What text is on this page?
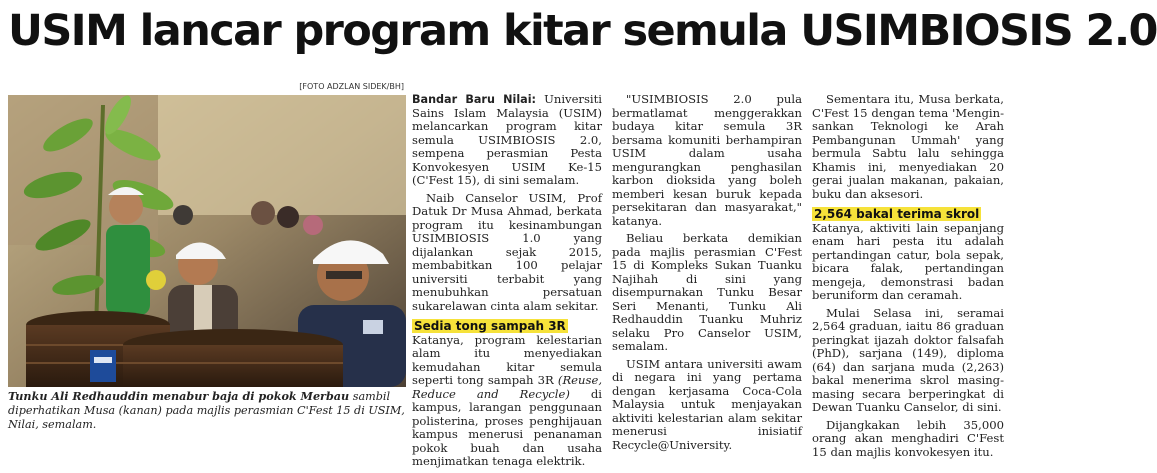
USIM lancar program kitar semula USIMBIOSIS 2.0
[FOTO ADZLAN SIDEK/BH]
Tunku Ali Redhauddin menabur baja di pokok Merbau sambil diperhatikan Musa (kanan) pada majlis perasmian C'Fest 15 di USIM, Nilai, semalam.

Bandar Baru Nilai: Universiti Sains Islam Malaysia (USIM) melancarkan program kitar semula USIMBIOSIS 2.0, sempena perasmian Pesta Konvokesyen USIM Ke-15 (C'Fest 15), di sini semalam.

Naib Canselor USIM, Prof Datuk Dr Musa Ahmad, berkata program itu kesinambungan USIMBIOSIS 1.0 yang dijalankan sejak 2015, membabitkan 100 pelajar universiti terbabit yang menubuhkan persatuan sukarelawan cinta alam sekitar.

Sedia tong sampah 3R

Katanya, program kelestarian alam itu menyediakan kemudahan kitar semula seperti tong sampah 3R (Reuse, Reduce and Recycle) di kampus, larangan penggunaan polisterina, proses penghijauan kampus menerusi penanaman pokok buah dan usaha menjimatkan tenaga elektrik.

"USIMBIOSIS 2.0 pula bermatlamat menggerakkan budaya kitar semula 3R bersama komuniti berhampiran USIM dalam usaha mengurangkan penghasilan karbon dioksida yang boleh memberi kesan buruk kepada persekitaran dan masyarakat," katanya.

Beliau berkata demikian pada majlis perasmian C'Fest 15 di Kompleks Sukan Tuanku Najihah di sini yang disempurnakan Tunku Besar Seri Menanti, Tunku Ali Redhauddin Tuanku Muhriz selaku Pro Canselor USIM, semalam.

USIM antara universiti awam di negara ini yang pertama dengan kerjasama Coca-Cola Malaysia untuk menjayakan aktiviti kelestarian alam sekitar menerusi inisiatif Recycle@University.

Sementara itu, Musa berkata, C'Fest 15 dengan tema 'Menginsankan Teknologi ke Arah Pembangunan Ummah' yang bermula Sabtu lalu sehingga Khamis ini, menyediakan 20 gerai jualan makanan, pakaian, buku dan aksesori.

2,564 bakal terima skrol

Katanya, aktiviti lain sepanjang enam hari pesta itu adalah pertandingan catur, bola sepak, bicara falak, pertandingan mengeja, demonstrasi badan beruniform dan ceramah.

Mulai Selasa ini, seramai 2,564 graduan, iaitu 86 graduan peringkat ijazah doktor falsafah (PhD), sarjana (149), diploma (64) dan sarjana muda (2,263) bakal menerima skrol masing-masing secara berperingkat di Dewan Tuanku Canselor, di sini.

Dijangkakan lebih 35,000 orang akan menghadiri C'Fest 15 dan majlis konvokesyen itu.
